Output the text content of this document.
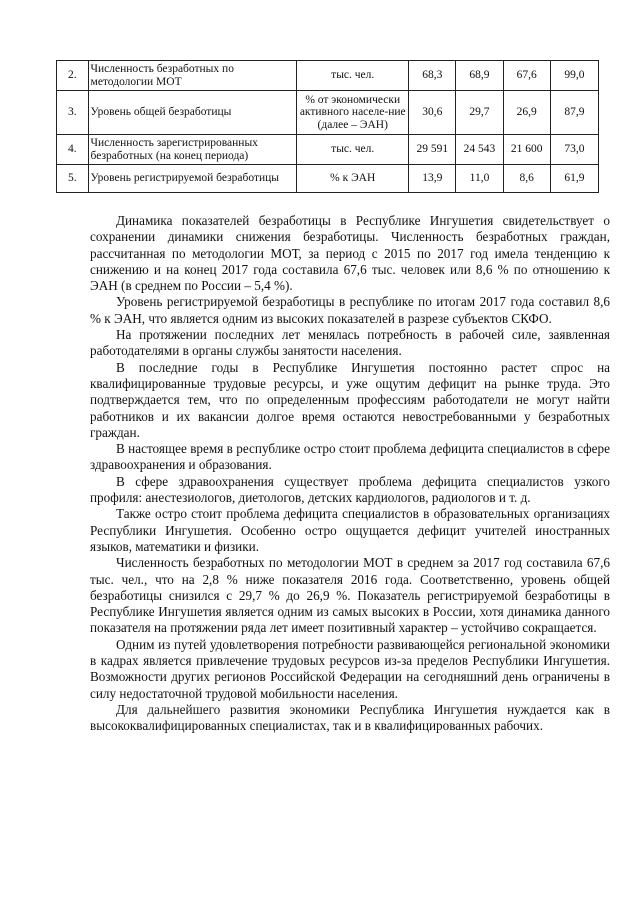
2.	Численность безработных по методологии МОТ	тыс. чел.	68,3	68,9	67,6	99,0
3.	Уровень общей безработицы	% от экономически активного населе-ние (далее – ЭАН)	30,6	29,7	26,9	87,9
4.	Численность зарегистрированных безработных (на конец периода)	тыс. чел.	29 591	24 543	21 600	73,0
5.	Уровень регистрируемой безработицы	% к ЭАН	13,9	11,0	8,6	61,9

Динамика показателей безработицы в Республике Ингушетия свидетельствует о сохранении динамики снижения безработицы. Численность безработных граждан, рассчитанная по методологии МОТ, за период с 2015 по 2017 год имела тенденцию к снижению и на конец 2017 года составила 67,6 тыс. человек или 8,6 % по отношению к ЭАН (в среднем по России – 5,4 %).

Уровень регистрируемой безработицы в республике по итогам 2017 года составил 8,6 % к ЭАН, что является одним из высоких показателей в разрезе субъектов СКФО.

На протяжении последних лет менялась потребность в рабочей силе, заявленная работодателями в органы службы занятости населения.

В последние годы в Республике Ингушетия постоянно растет спрос на квалифицированные трудовые ресурсы, и уже ощутим дефицит на рынке труда. Это подтверждается тем, что по определенным профессиям работодатели не могут найти работников и их вакансии долгое время остаются невостребованными у безработных граждан.

В настоящее время в республике остро стоит проблема дефицита специалистов в сфере здравоохранения и образования.

В сфере здравоохранения существует проблема дефицита специалистов узкого профиля: анестезиологов, диетологов, детских кардиологов, радиологов и т. д.

Также остро стоит проблема дефицита специалистов в образовательных организациях Республики Ингушетия. Особенно остро ощущается дефицит учителей иностранных языков, математики и физики.

Численность безработных по методологии МОТ в среднем за 2017 год составила 67,6 тыс. чел., что на 2,8 % ниже показателя 2016 года. Соответственно, уровень общей безработицы снизился с 29,7 % до 26,9 %. Показатель регистрируемой безработицы в Республике Ингушетия является одним из самых высоких в России, хотя динамика данного показателя на протяжении ряда лет имеет позитивный характер – устойчиво сокращается.

Одним из путей удовлетворения потребности развивающейся региональной экономики в кадрах является привлечение трудовых ресурсов из-за пределов Республики Ингушетия. Возможности других регионов Российской Федерации на сегодняшний день ограничены в силу недостаточной трудовой мобильности населения.

Для дальнейшего развития экономики Республика Ингушетия нуждается как в высококвалифицированных специалистах, так и в квалифицированных рабочих.
